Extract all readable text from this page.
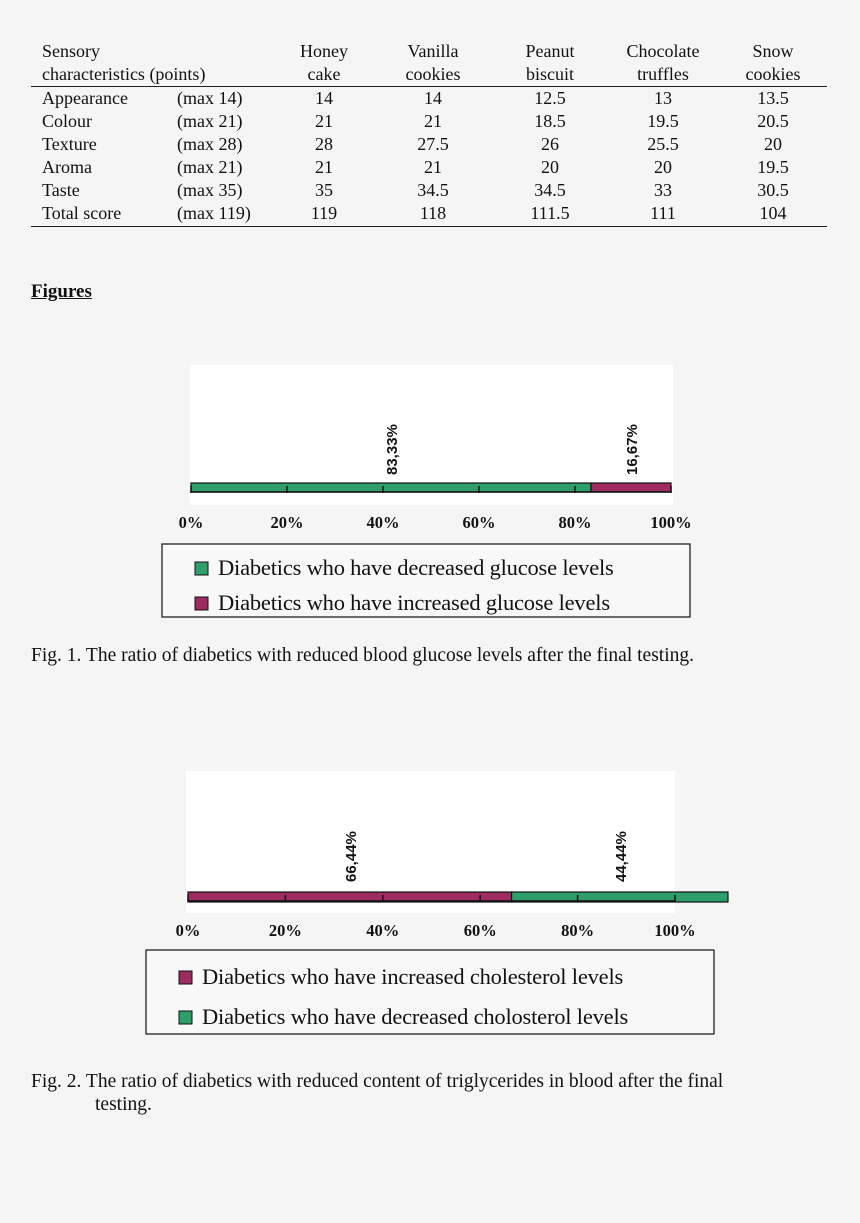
Sensory	Honey	Vanilla	Peanut	Chocolate	Snow
characteristics (points)	cake	cookies	biscuit	truffles	cookies
Appearance	(max 14)	14	14	12.5	13	13.5
Colour	(max 21)	21	21	18.5	19.5	20.5
Texture	(max 28)	28	27.5	26	25.5	20
Aroma	(max 21)	21	21	20	20	19.5
Taste	(max 35)	35	34.5	34.5	33	30.5
Total score	(max 119)	119	118	111.5	111	104
Figures
83,33%	16,67%
0%	20%	40%	60%	80%	100%
Diabetics who have decreased glucose levels
Diabetics who have increased glucose levels
Fig. 1. The ratio of diabetics with reduced blood glucose levels after the final testing.
66,44%	44,44%
0%	20%	40%	60%	80%	100%
Diabetics who have increased cholesterol levels
Diabetics who have decreased cholosterol levels
Fig. 2. The ratio of diabetics with reduced content of triglycerides in blood after the final
testing.
